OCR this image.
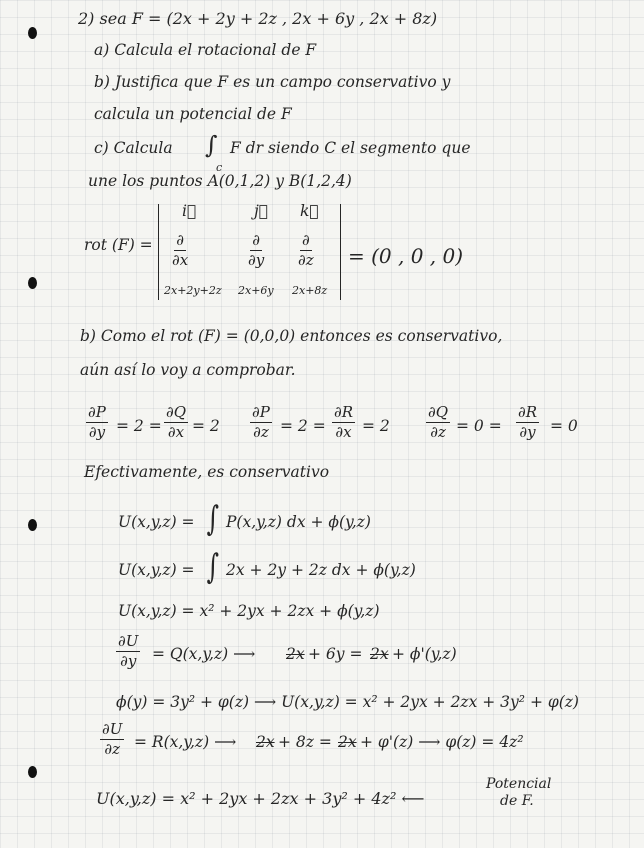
2) sea F = (2x + 2y + 2z , 2x + 6y , 2x + 8z)
a) Calcula el rotacional de F
b) Justifica que F es un campo conservativo y
calcula un potencial de F
c) Calcula ∫
c
F dr siendo C el segmento que
une los puntos A(0,1,2) y B(1,2,4)
rot (F) =
i⃗	j⃗ k⃗
∂
∂x
∂
∂y
∂
∂z
2x+2y+2z 2x+6y 2x+8z
= (0 , 0 , 0)
b) Como el rot (F) = (0,0,0) entonces es conservativo,
aún así lo voy a comprobar.
$\frac{\partial P}{\partial y} = 2 = \frac{\partial Q}{\partial x} = 2 \frac{\partial P}{\partial z} = 2 = \frac{\partial R}{\partial x} = 2 \frac{\partial Q}{\partial z} = 0 = \frac{\partial R}{\partial y} = 0$
Efectivamente, es conservativo
U(x,y,z) = ∫ P(x,y,z) dx + ϕ(y,z)
U(x,y,z) = ∫ 2x + 2y + 2z dx + ϕ(y,z)
U(x,y,z) = x² + 2yx + 2zx + ϕ(y,z)
$\frac{\partial U}{\partial y} = Q(x,y,z)$ ⟶ 2x + 6y = 2x + ϕ'(y,z)
ϕ(y) = 3y² + φ(z) ⟶ U(x,y,z) = x² + 2yx + 2zx + 3y² + φ(z)
$\frac{\partial U}{\partial z} = R(x,y,z)$ ⟶ 2x + 8z = 2x + φ'(z) ⟶ φ(z) = 4z²
U(x,y,z) = x² + 2yx + 2zx + 3y² + 4z² ⟵
Potencial
de F.
